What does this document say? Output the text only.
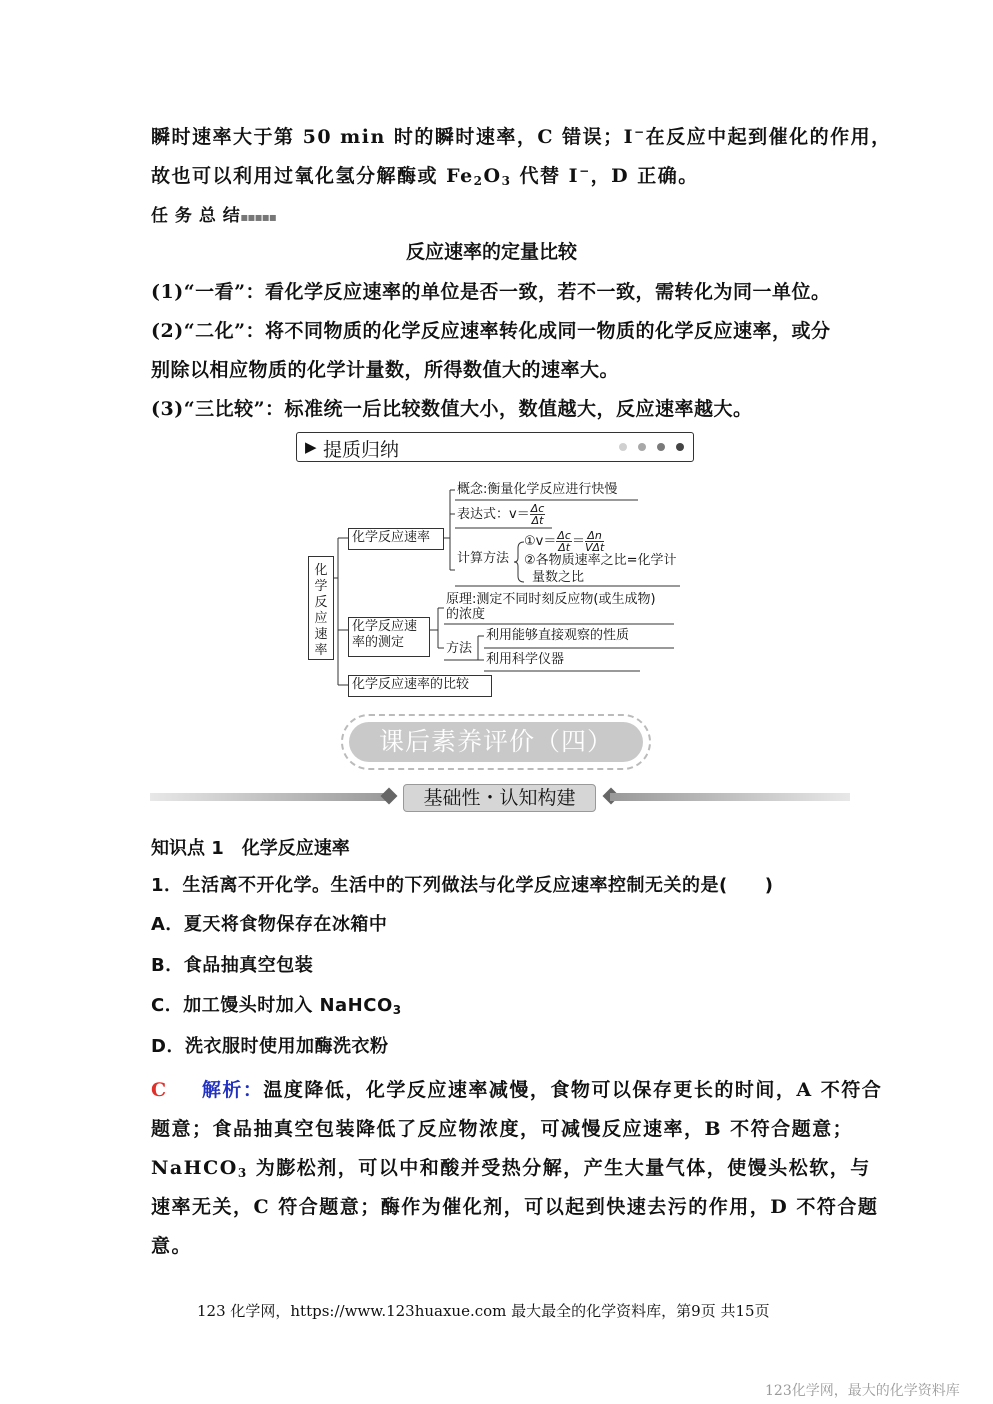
瞬时速率大于第 50 min 时的瞬时速率，C 错误；I−在反应中起到催化的作用，
故也可以利用过氧化氢分解酶或 $Fe_2O_3$ 代替 I−，D 正确。
任 务 总 结▪▪▪▪▪
反应速率的定量比较
(1)“一看”：看化学反应速率的单位是否一致，若不一致，需转化为同一单位。
(2)“二化”：将不同物质的化学反应速率转化成同一物质的化学反应速率，或分
别除以相应物质的化学计量数，所得数值大的速率大。
(3)“三比较”：标准统一后比较数值大小，数值越大，反应速率越大。
▶ 提质归纳
化学反应速率
化学反应速率
概念:衡量化学反应进行快慢
表达式：$v= \frac{\Delta c}{\Delta t}$
计算方法
①v＝ $\frac{\Delta c}{\Delta t} = \frac{\Delta n}{\text{VΔt}}$
②各物质速率之比=化学计
量数之比
化学反应速
率的测定
原理:测定不同时刻反应物(或生成物)
的浓度
方法
利用能够直接观察的性质
利用科学仪器
化学反应速率的比较
课后素养评价（四）
基础性・认知构建
知识点 1　化学反应速率
1．生活离不开化学。生活中的下列做法与化学反应速率控制无关的是(　　)
A．夏天将食物保存在冰箱中
B．食品抽真空包装
C．加工馒头时加入 NaHCO$_3$
D．洗衣服时使用加酶洗衣粉
C 解析：温度降低，化学反应速率减慢，食物可以保存更长的时间，A 不符合
题意；食品抽真空包装降低了反应物浓度，可减慢反应速率，B 不符合题意；
NaHCO$_3$ 为膨松剂，可以中和酸并受热分解，产生大量气体，使馒头松软，与
速率无关，C 符合题意；酶作为催化剂，可以起到快速去污的作用，D 不符合题
意。
123 化学网，https://www.123huaxue.com 最大最全的化学资料库，第9页 共15页
123化学网，最大的化学资料库
